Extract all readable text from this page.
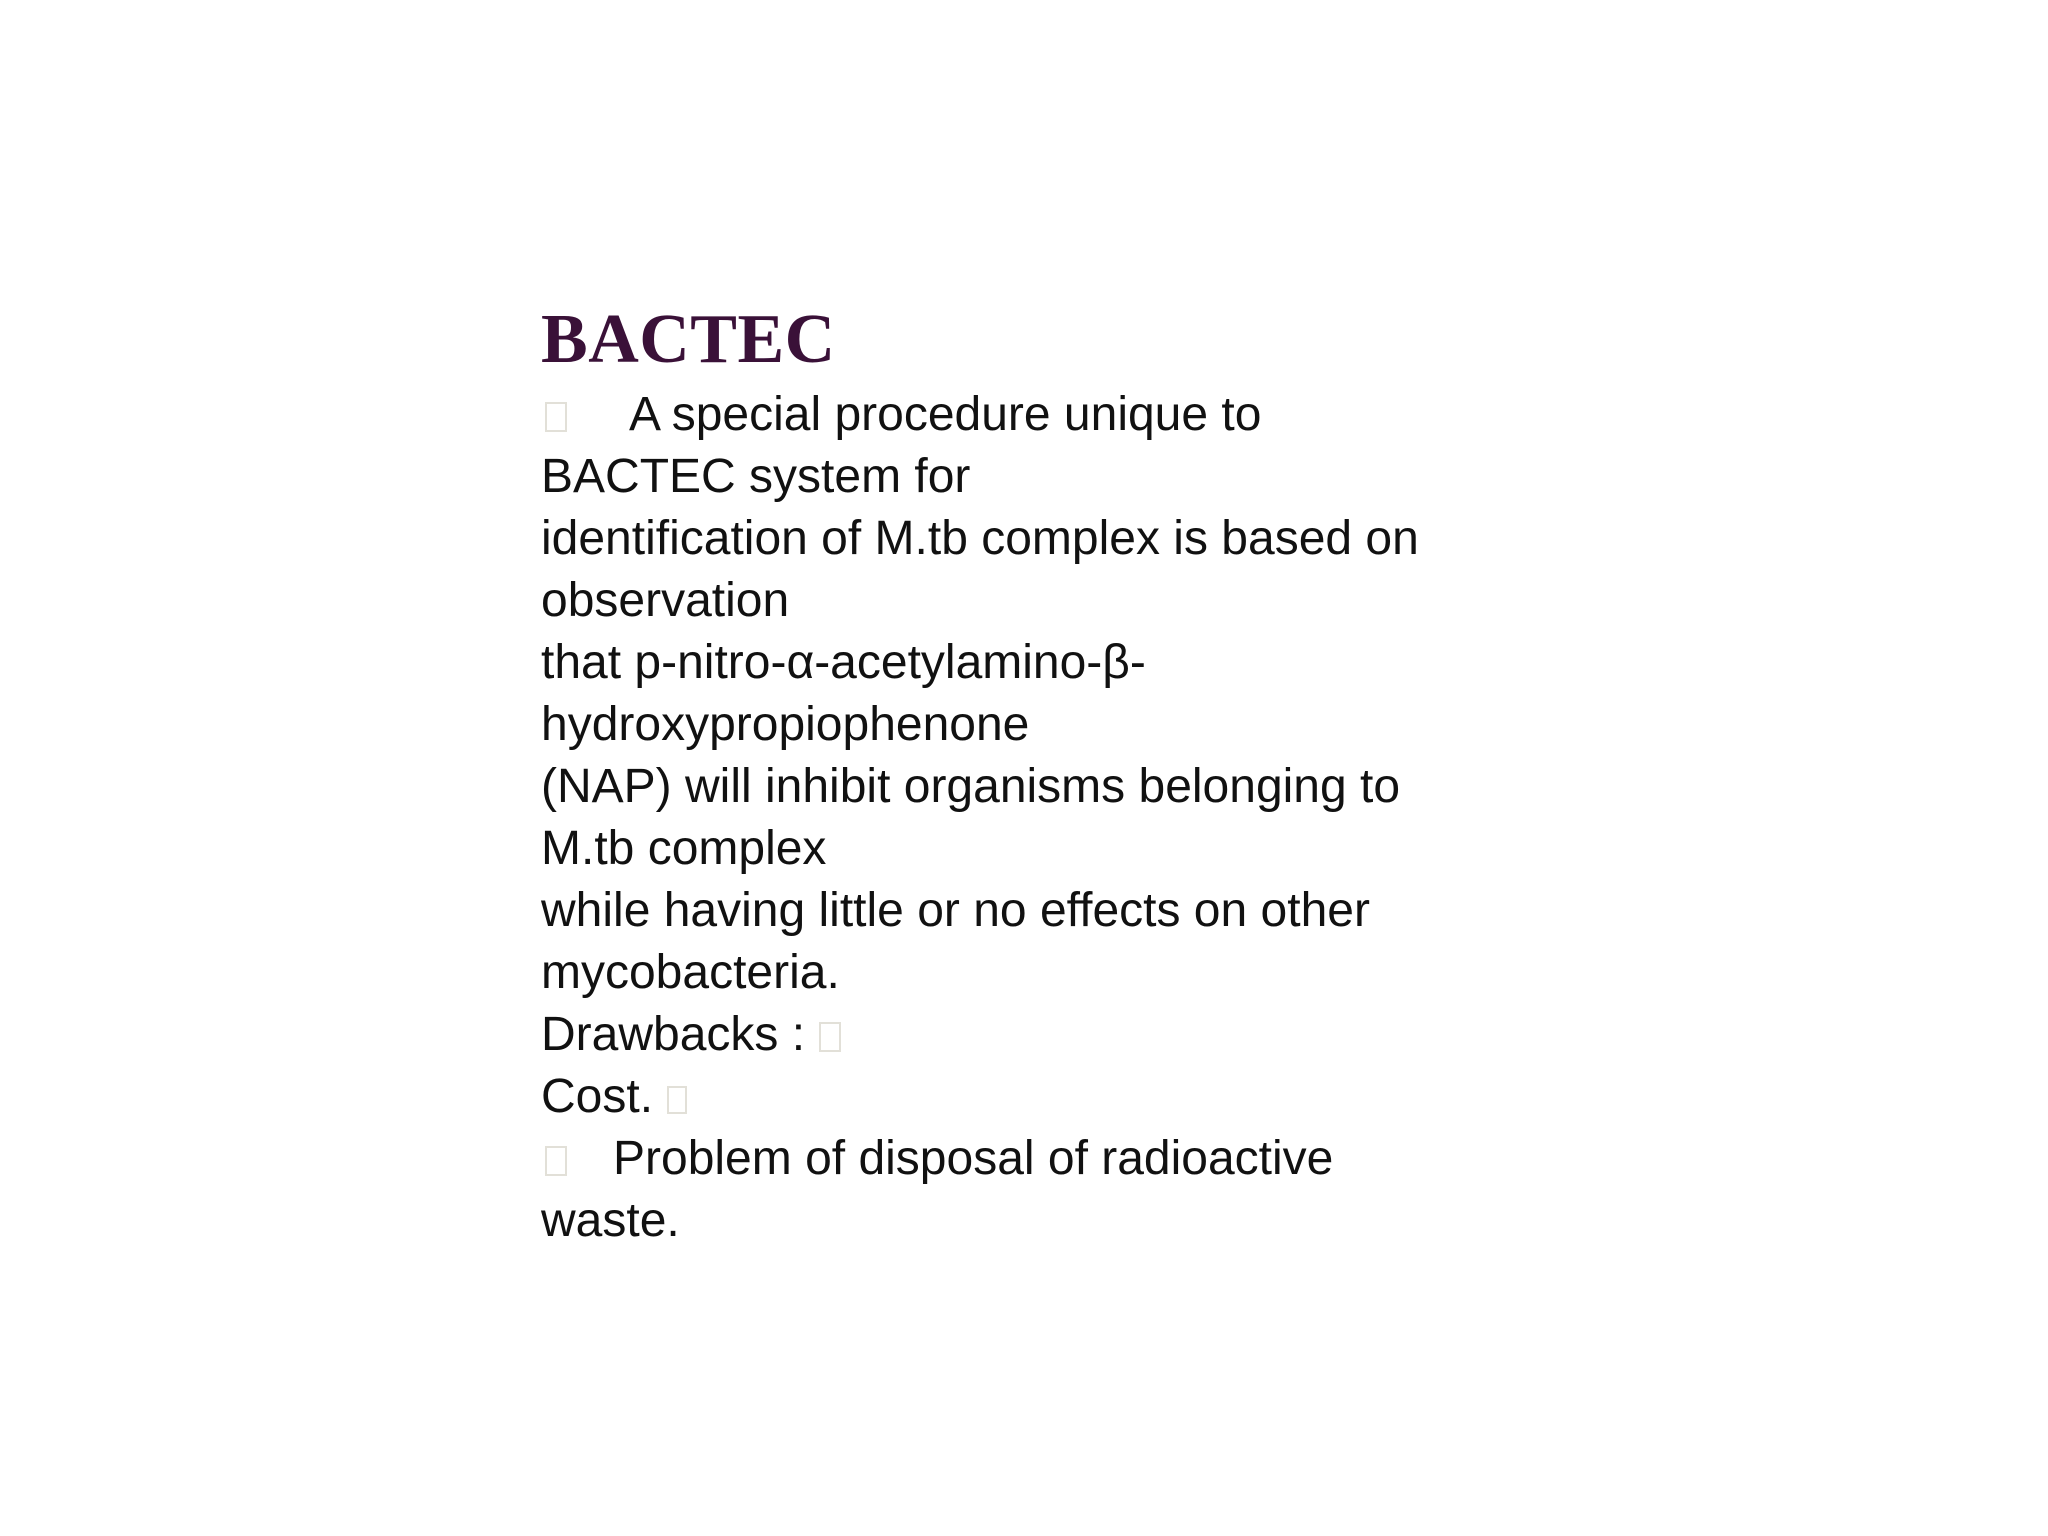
BACTEC

A special procedure unique to

BACTEC system for

identification of M.tb complex is based on

observation

that p-nitro-α-acetylamino-β-

hydroxypropiophenone

(NAP) will inhibit organisms belonging to

M.tb complex

while having little or no effects on other

mycobacteria.

Drawbacks :

Cost.

Problem of disposal of radioactive

waste.
